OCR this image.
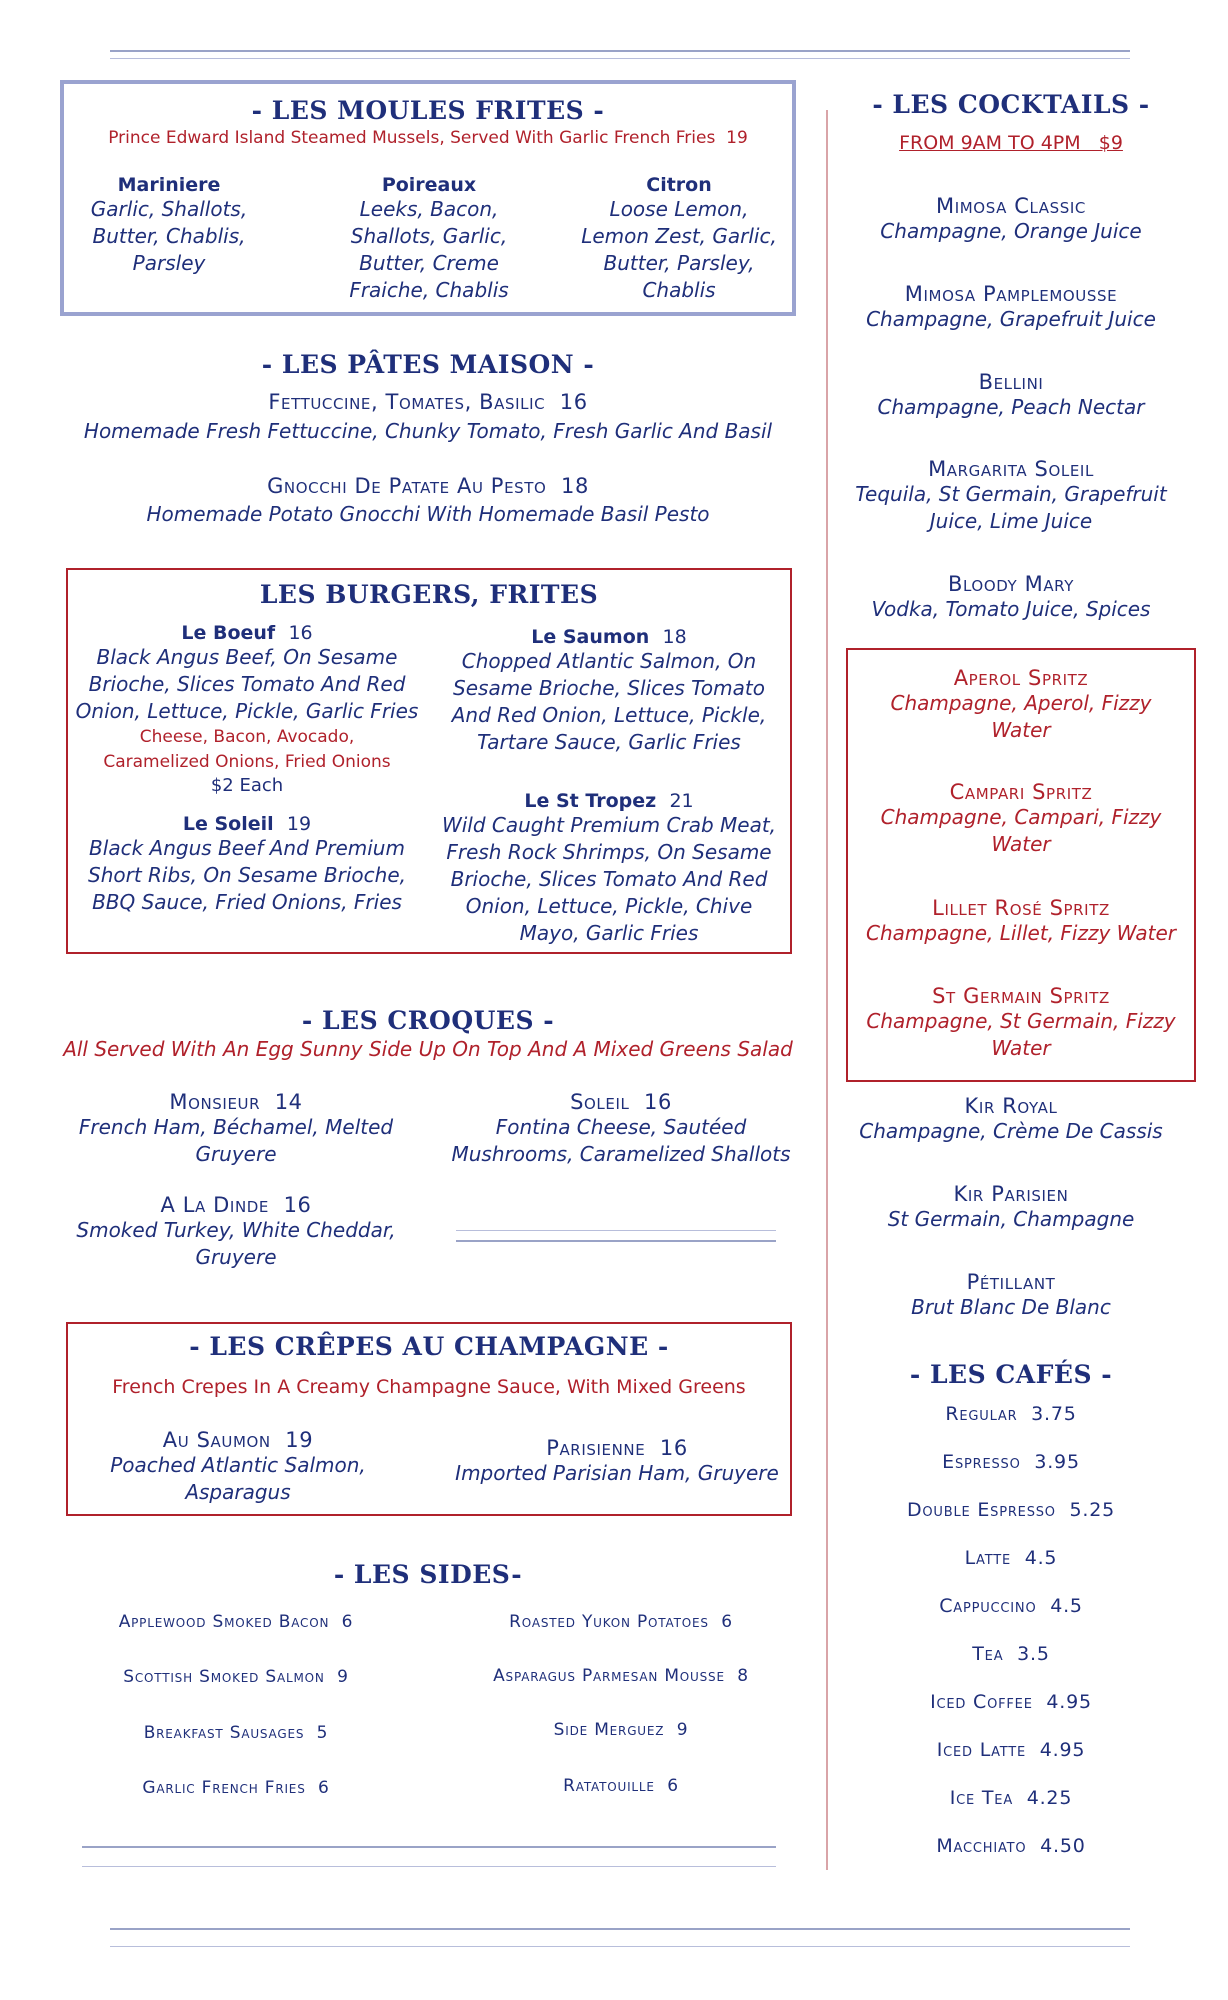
- LES MOULES FRITES -
Prince Edward Island Steamed Mussels, Served With Garlic French Fries 19
Mariniere
Garlic, Shallots,
Butter, Chablis,
Parsley
Poireaux
Leeks, Bacon,
Shallots, Garlic,
Butter, Creme
Fraiche, Chablis
Citron
Loose Lemon,
Lemon Zest, Garlic,
Butter, Parsley,
Chablis
- LES PÂTES MAISON -
Fettuccine, Tomates, Basilic 16
Homemade Fresh Fettuccine, Chunky Tomato, Fresh Garlic And Basil
Gnocchi De Patate Au Pesto 18
Homemade Potato Gnocchi With Homemade Basil Pesto
LES BURGERS, FRITES
Le Boeuf 16
Black Angus Beef, On Sesame
Brioche, Slices Tomato And Red
Onion, Lettuce, Pickle, Garlic Fries
Cheese, Bacon, Avocado,
Caramelized Onions, Fried Onions
$2 Each
Le Soleil 19
Black Angus Beef And Premium
Short Ribs, On Sesame Brioche,
BBQ Sauce, Fried Onions, Fries
Le Saumon 18
Chopped Atlantic Salmon, On
Sesame Brioche, Slices Tomato
And Red Onion, Lettuce, Pickle,
Tartare Sauce, Garlic Fries
Le St Tropez 21
Wild Caught Premium Crab Meat,
Fresh Rock Shrimps, On Sesame
Brioche, Slices Tomato And Red
Onion, Lettuce, Pickle, Chive
Mayo, Garlic Fries
- LES CROQUES -
All Served With An Egg Sunny Side Up On Top And A Mixed Greens Salad
Monsieur 14
French Ham, Béchamel, Melted
Gruyere
Soleil 16
Fontina Cheese, Sautéed
Mushrooms, Caramelized Shallots
A La Dinde 16
Smoked Turkey, White Cheddar,
Gruyere
- LES CRÊPES AU CHAMPAGNE -
French Crepes In A Creamy Champagne Sauce, With Mixed Greens
Au Saumon 19
Poached Atlantic Salmon,
Asparagus
Parisienne 16
Imported Parisian Ham, Gruyere
- LES SIDES-
Applewood Smoked Bacon 6
Scottish Smoked Salmon 9
Breakfast Sausages 5
Garlic French Fries 6
Roasted Yukon Potatoes 6
Asparagus Parmesan Mousse 8
Side Merguez 9
Ratatouille 6
- LES COCKTAILS -
FROM 9AM TO 4PM   $9
Mimosa Classic
Champagne, Orange Juice
Mimosa Pamplemousse
Champagne, Grapefruit Juice
Bellini
Champagne, Peach Nectar
Margarita Soleil
Tequila, St Germain, Grapefruit
Juice, Lime Juice
Bloody Mary
Vodka, Tomato Juice, Spices
Aperol Spritz
Champagne, Aperol, Fizzy
Water
Campari Spritz
Champagne, Campari, Fizzy
Water
Lillet Rosé Spritz
Champagne, Lillet, Fizzy Water
St Germain Spritz
Champagne, St Germain, Fizzy
Water
Kir Royal
Champagne, Crème De Cassis
Kir Parisien
St Germain, Champagne
Pétillant
Brut Blanc De Blanc
- LES CAFÉS -
Regular 3.75
Espresso 3.95
Double Espresso 5.25
Latte 4.5
Cappuccino 4.5
Tea 3.5
Iced Coffee 4.95
Iced Latte 4.95
Ice Tea 4.25
Macchiato 4.50
